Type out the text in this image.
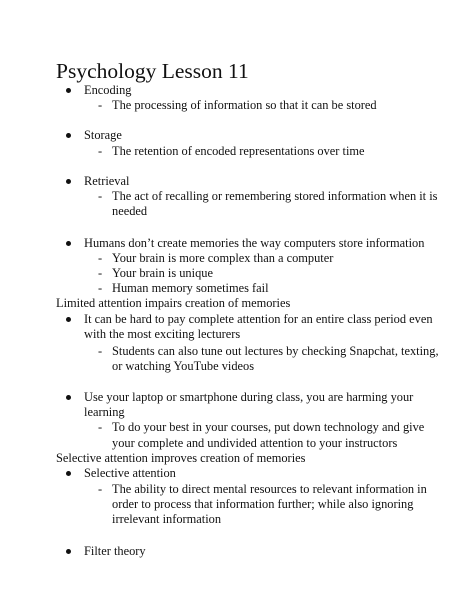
Psychology Lesson 11
Encoding
- The processing of information so that it can be stored
Storage
- The retention of encoded representations over time
Retrieval
- The act of recalling or remembering stored information when it is
needed
Humans don’t create memories the way computers store information
- Your brain is more complex than a computer
- Your brain is unique
- Human memory sometimes fail
Limited attention impairs creation of memories
It can be hard to pay complete attention for an entire class period even
with the most exciting lecturers
- Students can also tune out lectures by checking Snapchat, texting,
or watching YouTube videos
Use your laptop or smartphone during class, you are harming your
learning
- To do your best in your courses, put down technology and give
your complete and undivided attention to your instructors
Selective attention improves creation of memories
Selective attention
- The ability to direct mental resources to relevant information in
order to process that information further; while also ignoring
irrelevant information
Filter theory
